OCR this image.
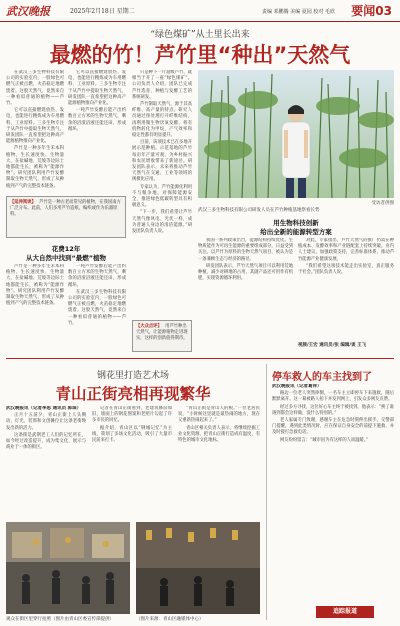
武汉晚报	2025年2月18日 星期二	责编 邓鹏腾 美编 夏园 校对 毛欣 要闻03
“绿色煤矿”从土里长出来
最燃的竹！芦竹里“种出”天然气

在武汉三多生物科技有限公司的实验室内，一股绿色可燃气正被点燃，火苗稳定地燃烧着。这股天然气，竟然来自一种看似普通的植物——芦竹。

它可以直接燃烧放热、发电，也能进行精炼成为车用燃料、工业原料。三多生物专注于从芦竹中提取生物天然气，研发团队一直希望把这种高产能源植物推向产业化。

芦竹是一种多年生禾本科植物，生长速度快、生物量大，在盐碱地、荒坡等边际土地都能生长，被称为“能源作物”。研究团队利用芦竹发酵制取生物天然气，形成了从种植到产气的完整技术链条。

它可以直接燃烧放热、发电，也能进行精炼成为车用燃料、工业原料。三多生物专注于从芦竹中提取生物天然气，研发团队一直希望把这种高产能源植物推向产业化。

一吨芦竹发酵后能产出约数百立方米的生物天然气，剩余的沼渣沼液还能还田，形成循环。

【延伸阅读】 芦竹是一种古老而常见的植物，在我国南方广泛分布。此前，人们多用芦竹造纸、编织或作为乐器原料。
花费12年
从大自然中找到“最燃”植物

芦竹是一种多年生禾本科植物，生长速度快、生物量大，在盐碱地、荒坡等边际土地都能生长，被称为“能源作物”。研究团队利用芦竹发酵制取生物天然气，形成了从种植到产气的完整技术链条。

一吨芦竹发酵后能产出约数百立方米的生物天然气，剩余的沼渣沼液还能还田，形成循环。

在武汉三多生物科技有限公司的实验室内，一股绿色可燃气正被点燃，火苗稳定地燃烧着。这股天然气，竟然来自一种看似普通的植物——芦竹。

只是种下一片超级芦竹，就相当于开了一座“绿色煤矿”。公司负责人介绍，团队已完成芦竹选育、种植与发酵工艺的系统研发。

芦竹制取天然气，源于其高纤维、高产量的特点。研究人员通过预处理打开纤维结构，再利用微生物厌氧发酵，将有机物转化为甲烷，产气效率和稳定性都有明显提升。

目前，该项技术已在多地开展示范种植。示范基地的芦竹每亩年产量可观，为乡村振兴和农民增收带来了新途径。研发团队表示，未来将推动芦竹天然气在交通、工业等领域的规模化应用。

专家认为，芦竹能源化利用不与粮争地，对保障能源安全、推进绿色低碳转型具有积极意义。

“下一步，我们希望让芦竹天然气像风电、光伏一样，成为普通人身边的清洁能源。”研发团队负责人说。

【大众点评】 用芦竹种出天然气，让能源植物走进现实，这样的创新值得期待。
受访者供图
武汉三多生物科技有限公司研发人员在芦竹种植基地察看长势
用生物科技创新
给出全新的能源转型方案

我国一系列政策出台，能源结构持续优化。生物质能作为可再生能源的重要组成部分，日益受到关注。以芦竹为原料的生物天然气项目，被认为是一条兼顾生态与经济的路径。

研发团队表示，芦竹天然气项目可以利用荒地种植，减少对耕地的占用，其副产品还可用作有机肥，实现资源循环利用。

对此，专家指出，芦竹天然气的推广仍需在种植成本、发酵效率和产业链配套上持续突破。业内人士建议，加强政策支持，完善标准体系，推动芦竹能源产业健康发展。

“我们希望这项技术能走出实验室，真正服务于社会。”团队负责人说。

视频/王宏 通讯员/张 编辑/谈 王飞
钢花里打造艺术场
青山正街亮相再现繁华

武汉晚报讯（记者李思 通讯员 郭琛）

正月十五前夕，青山正街上人头攒动，灯光、装饰和文创摊位让这条老街焕发出新的活力。

这条街是武钢老工人们的记忆所在，如今经过改造提升，成为集文化、展示与商业于一体的街区。

记者在青山正街看到，老建筑修旧如旧，墙面上的钢花图案和老照片勾起了许多市民的回忆。

据介绍，青山区以“钢城记忆”为主线，策划了多场文化活动，吸引了大量市民前来打卡。

“青山正街是青山人的根。”一位老居民说，“小时候这里就是最热闹的地方，现在又重新热闹起来了。”

青山区相关负责人表示，将继续挖掘工业文化资源，把青山正街打造成有温度、有特色的城市文化地标。

观众在街区里穿行拍照（图片由青山区委宣传部提供）	（图片来源：青山区融媒体中心）
停车救人的车主找到了

武汉晚报讯（记者葛萍）

路边一位老人突然摔倒，一名车主立即停车下来施救，随后默默离开。这一幕被路人拍下并发到网上，引发众多网友点赞。

经过多方寻找，这位好心车主终于被找到。他表示：“换了谁遇到都会这样做，没什么特别的。”

老人家属专门致谢，感谢车主在危急时刻伸出援手。交警部门提醒，遇到此类情况时，应在保证自身安全的前提下施救，并及时拨打急救电话。

网友纷纷留言：“城市因为有这样的人而温暖。”

追踪报道
